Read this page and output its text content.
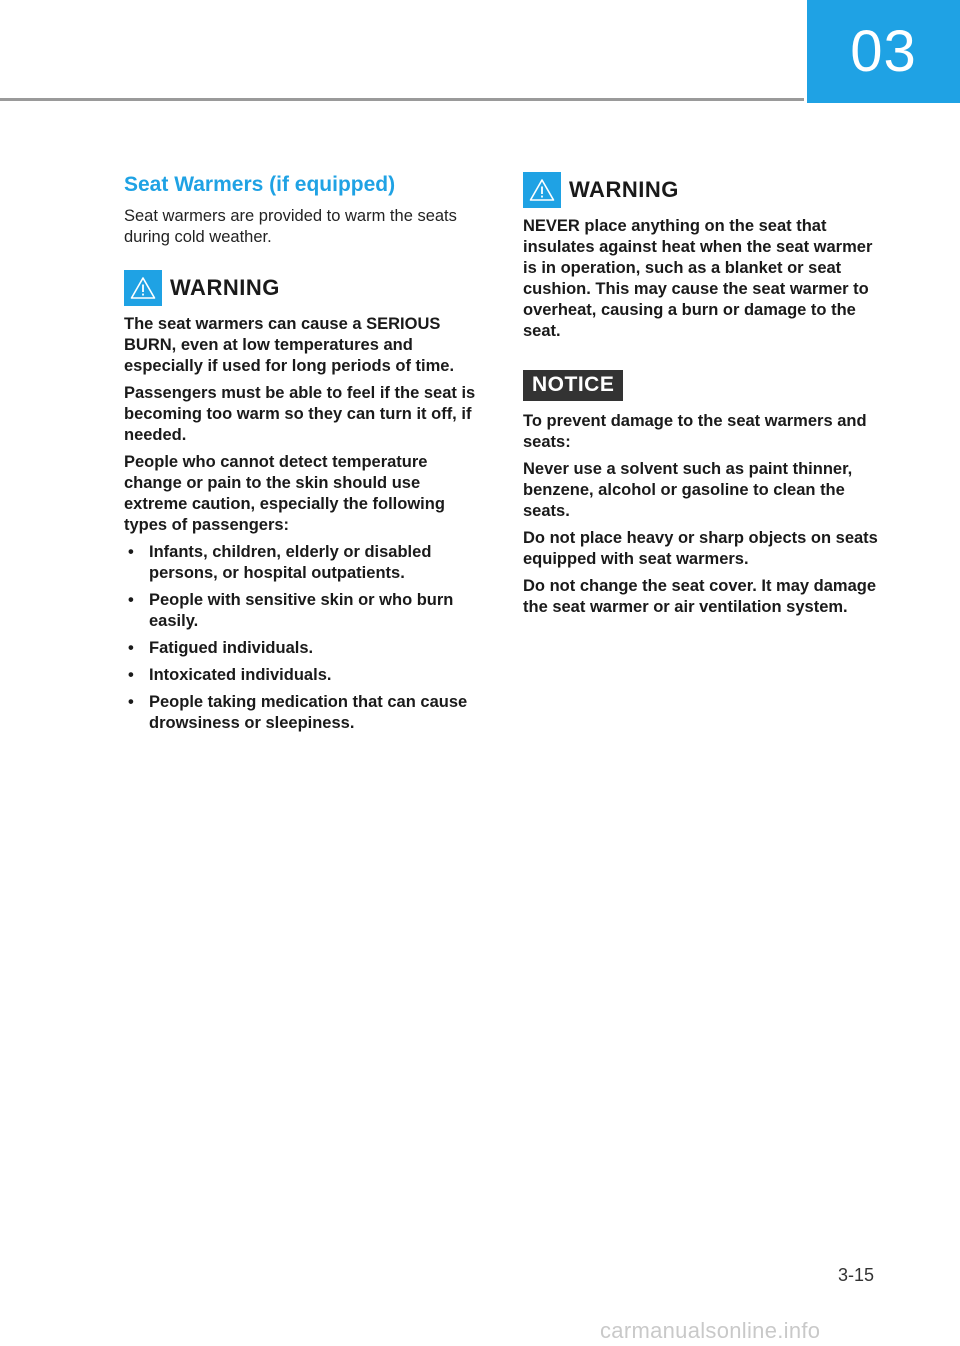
03
Seat Warmers (if equipped)

Seat warmers are provided to warm the seats during cold weather.

WARNING

The seat warmers can cause a SERIOUS BURN, even at low temperatures and especially if used for long periods of time.

Passengers must be able to feel if the seat is becoming too warm so they can turn it off, if needed.

People who cannot detect temperature change or pain to the skin should use extreme caution, especially the following types of passengers:

• Infants, children, elderly or disabled persons, or hospital outpatients.
• People with sensitive skin or who burn easily.
• Fatigued individuals.
• Intoxicated individuals.
• People taking medication that can cause drowsiness or sleepiness.
WARNING

NEVER place anything on the seat that insulates against heat when the seat warmer is in operation, such as a blanket or seat cushion. This may cause the seat warmer to overheat, causing a burn or damage to the seat.

NOTICE

To prevent damage to the seat warmers and seats:

Never use a solvent such as paint thinner, benzene, alcohol or gasoline to clean the seats.

Do not place heavy or sharp objects on seats equipped with seat warmers.

Do not change the seat cover. It may damage the seat warmer or air ventilation system.

3-15
carmanualsonline.info
